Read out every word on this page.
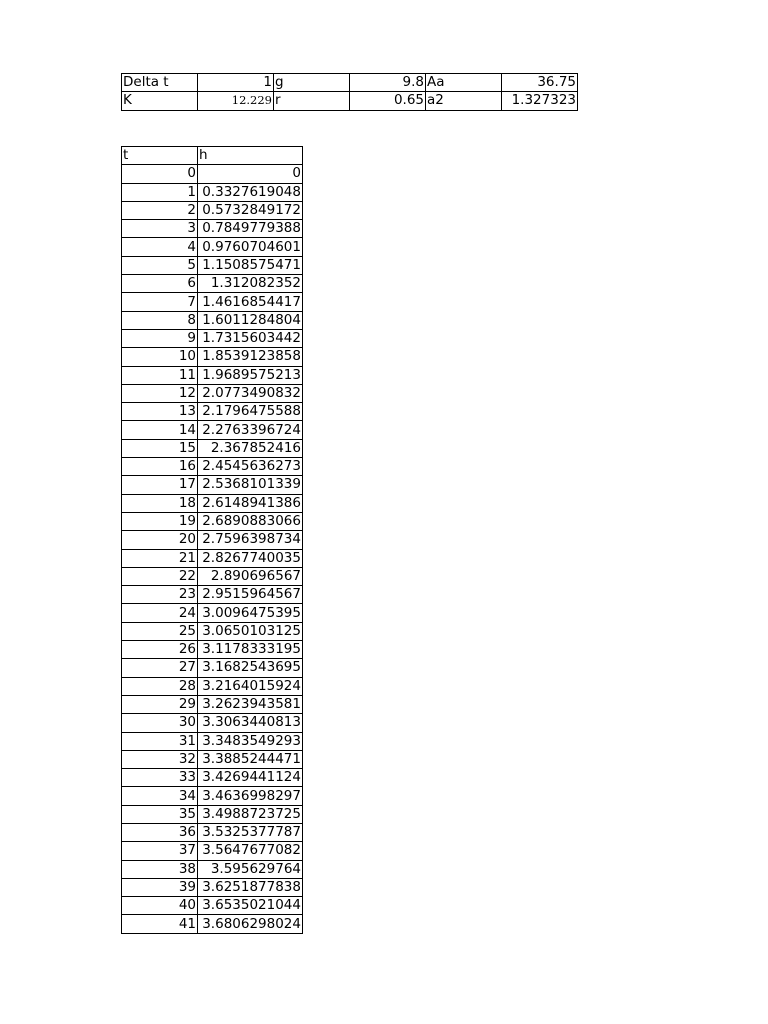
Delta t	1	g	9.8	Aa	36.75
K	12.229	r	0.65	a2	1.327323
t	h
0	0
1	0.3327619048
2	0.5732849172
3	0.7849779388
4	0.9760704601
5	1.1508575471
6	1.312082352
7	1.4616854417
8	1.6011284804
9	1.7315603442
10	1.8539123858
11	1.9689575213
12	2.0773490832
13	2.1796475588
14	2.2763396724
15	2.367852416
16	2.4545636273
17	2.5368101339
18	2.6148941386
19	2.6890883066
20	2.7596398734
21	2.8267740035
22	2.890696567
23	2.9515964567
24	3.0096475395
25	3.0650103125
26	3.1178333195
27	3.1682543695
28	3.2164015924
29	3.2623943581
30	3.3063440813
31	3.3483549293
32	3.3885244471
33	3.4269441124
34	3.4636998297
35	3.4988723725
36	3.5325377787
37	3.5647677082
38	3.595629764
39	3.6251877838
40	3.6535021044
41	3.6806298024
